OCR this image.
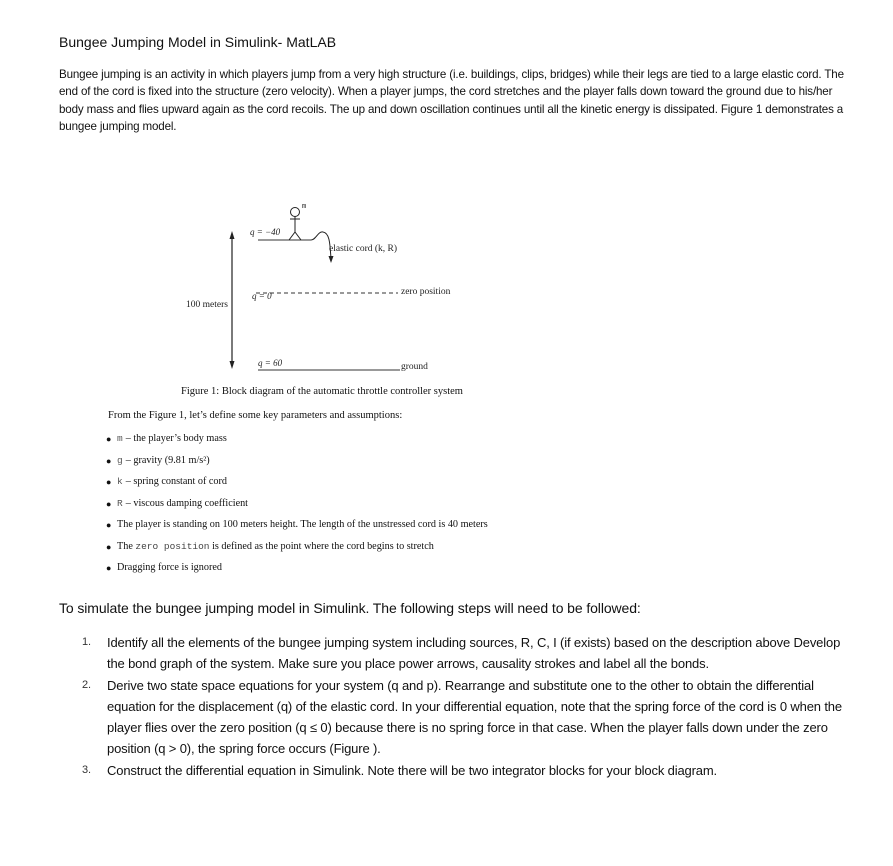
Bungee Jumping Model in Simulink- MatLAB
Bungee jumping is an activity in which players jump from a very high structure (i.e. buildings, clips, bridges) while their legs are tied to a large elastic cord. The end of the cord is fixed into the structure (zero velocity). When a player jumps, the cord stretches and the player falls down toward the ground due to his/her body mass and flies upward again as the cord recoils. The up and down oscillation continues until all the kinetic energy is dissipated. Figure 1 demonstrates a bungee jumping model.
m
q = −40
elastic cord (k, R)
q = 0	zero position
100 meters
q = 60	ground
Figure 1: Block diagram of the automatic throttle controller system
From the Figure 1, let’s define some key parameters and assumptions:
● m – the player’s body mass
● g – gravity (9.81 m/s²)
● k – spring constant of cord
● R – viscous damping coefficient
● The player is standing on 100 meters height. The length of the unstressed cord is 40 meters
● The
zero position
is defined as the point where the cord begins to stretch
● Dragging force is ignored
To simulate the bungee jumping model in Simulink. The following steps will need to be followed:
1.	Identify all the elements of the bungee jumping system including sources, R, C, I (if exists) based on the description above Develop the bond graph of the system. Make sure you place power arrows, causality strokes and label all the bonds.
2.	Derive two state space equations for your system (q and p). Rearrange and substitute one to the other to obtain the differential equation for the displacement (q) of the elastic cord. In your differential equation, note that the spring force of the cord is 0 when the player flies over the zero position (q ≤ 0) because there is no spring force in that case. When the player falls down under the zero position (q > 0), the spring force occurs (Figure ).
3.	Construct the differential equation in Simulink. Note there will be two integrator blocks for your block diagram.
